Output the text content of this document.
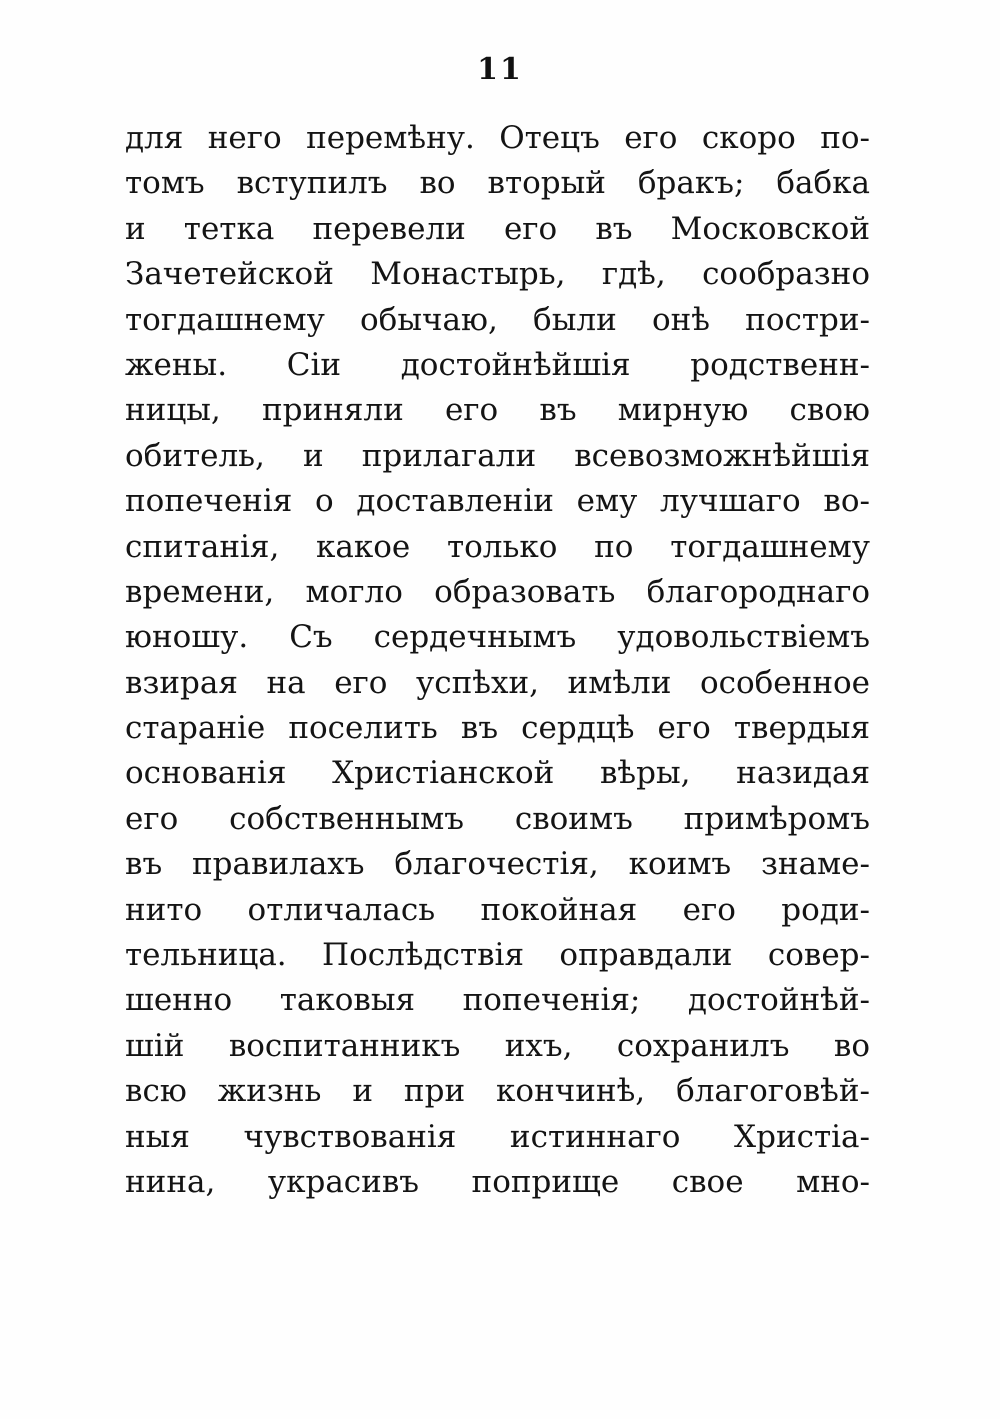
11
для него перемѣну. Отецъ его скоро по-
томъ вступилъ во вторый бракъ; бабка
и тетка перевели его въ Московской
Зачетейской Монастырь, гдѣ, сообразно
тогдашнему обычаю, были онѣ постри-
жены. Сіи достойнѣйшія родственн-
ницы, приняли его въ мирную свою
обитель, и прилагали всевозможнѣйшія
попеченія о доставленіи ему лучшаго во-
спитанія, какое только по тогдашнему
времени, могло образовать благороднаго
юношу. Съ сердечнымъ удовольствіемъ
взирая на его успѣхи, имѣли особенное
стараніе поселить въ сердцѣ его твердыя
основанія Христіанской вѣры, назидая
его собственнымъ своимъ примѣромъ
въ правилахъ благочестія, коимъ знаме-
нито отличалась покойная его роди-
тельница. Послѣдствія оправдали совер-
шенно таковыя попеченія; достойнѣй-
шій воспитанникъ ихъ, сохранилъ во
всю жизнь и при кончинѣ, благоговѣй-
ныя чувствованія истиннаго Христіа-
нина, украсивъ поприще свое мно-
